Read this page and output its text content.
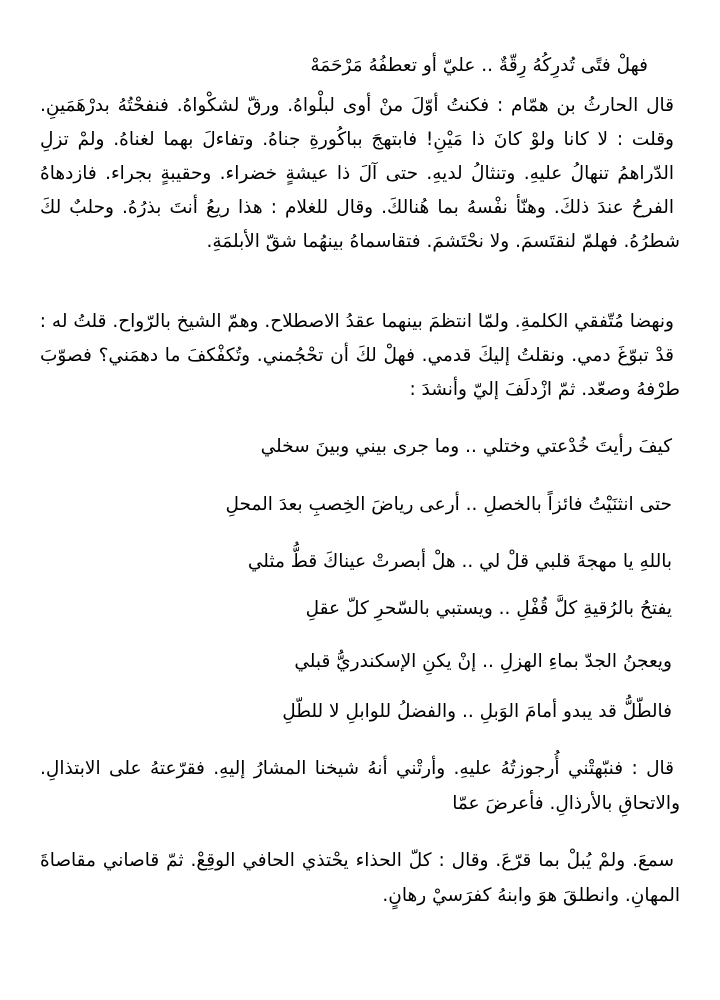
فهلْ فتًى تُدرِكُهُ رِقّةٌ .. عليّ أو تعطفُهُ مَرْحَمَهْ
قال الحارثُ بن همّام : فكنتُ أوّلَ منْ أوى لبلْواهُ. ورقّ لشكْواهُ. فنفحْتُهُ بدرْهَمَينِ.
وقلت : لا كانا ولوْ كانَ ذا مَيْنِ! فابتهجَ بباكُورةِ جناهُ. وتفاءلَ بهما لغناهُ. ولمْ تزلِ
الدّراهمُ تنهالُ عليهِ. وتنثالُ لديهِ. حتى آلَ ذا عيشةٍ خضراء. وحقيبةٍ بجراء. فازدهاهُ
الفرحُ عندَ ذلكَ. وهنّأ نفْسهُ بما هُنالكَ. وقال للغلام : هذا ريعُ أنتَ بذرُهُ. وحلبٌ لكَ
شطرُهُ. فهلمّ لنقتَسمَ. ولا نحْتَشمَ. فتقاسماهُ بينهُما شقّ الأبلمَةِ.
ونهضا مُتّفقي الكلمةِ. ولمّا انتظمَ بينهما عقدُ الاصطلاح. وهمّ الشيخ بالرّواح. قلتُ له :
قدْ تبوّغَ دمي. ونقلتُ إليكَ قدمي. فهلْ لكَ أن تحْجُمني. وتُكفْكفَ ما دهمَني؟ فصوّبَ
طرْفهُ وصعّد. ثمّ ازْدلَفَ إليّ وأنشدَ :
كيفَ رأيتَ خُدْعتي وختلي .. وما جرى بيني وبينَ سخلي
حتى انثنَيْتُ فائزاً بالخصلِ .. أرعى رياضَ الخِصبِ بعدَ المحلِ
باللهِ يا مهجةَ قلبي قلْ لي .. هلْ أبصرتْ عيناكَ قطُّ مثلي
يفتحُ بالرُقيةِ كلَّ قُفْلِ .. ويستبي بالسّحرِ كلّ عقلِ
ويعجنُ الجدّ بماءِ الهزلِ .. إنْ يكنِ الإسكندريُّ قبلي
فالطّلُّ قد يبدو أمامَ الوَبلِ .. والفضلُ للوابلِ لا للطّلِ
قال : فنبّهتْني أُرجوزتُهُ عليهِ. وأرتْني أنهُ شيخنا المشارُ إليهِ. فقرّعتهُ على الابتذالِ.
والاتحاقِ بالأرذالِ. فأعرضَ عمّا
سمعَ. ولمْ يُبلْ بما قرّعَ. وقال : كلّ الحذاء يحْتذي الحافي الوقِعْ. ثمّ قاصاني مقاصاةَ
المهانِ. وانطلقَ هوَ وابنهُ كفرَسيْ رهانٍ.
